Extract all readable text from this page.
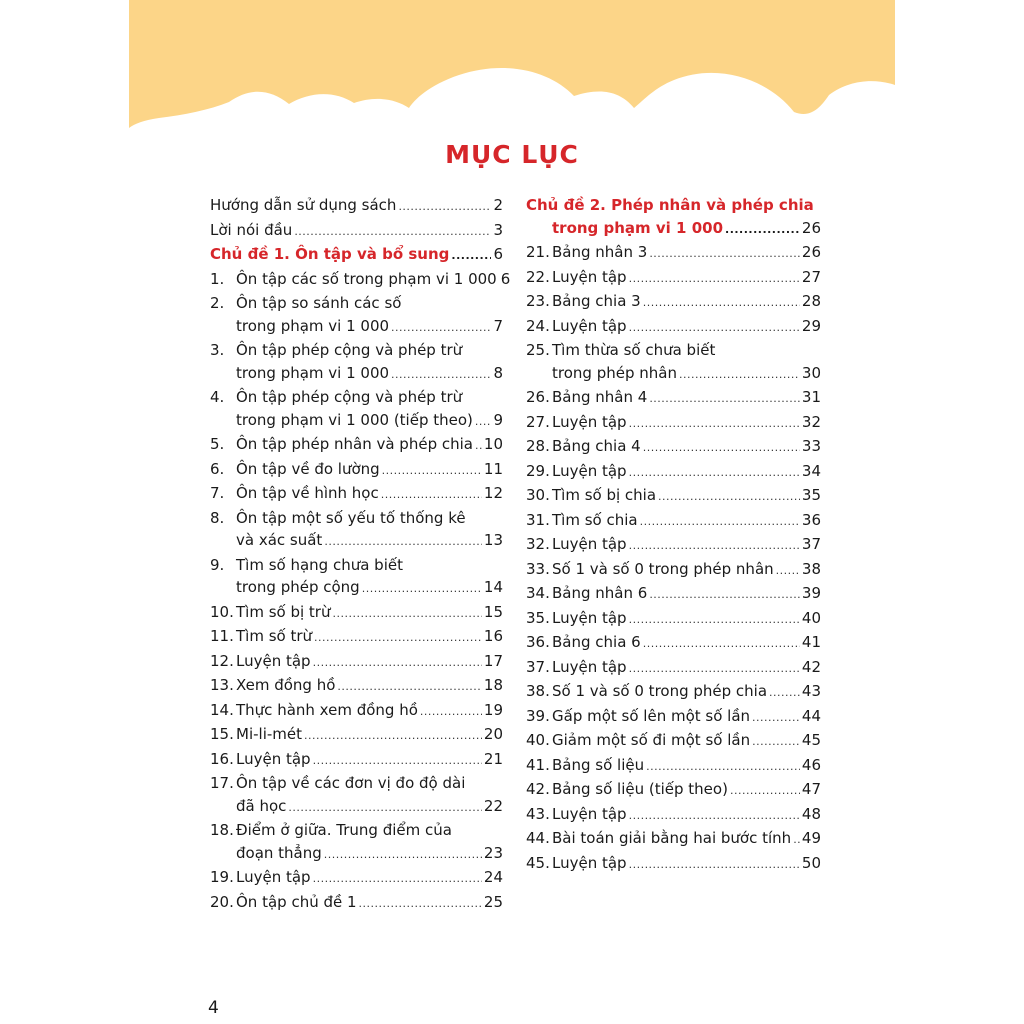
MỤC LỤC
Hướng dẫn sử dụng sách .....	2
Lời nói đầu .....	3
Chủ đề 1. Ôn tập và bổ sung .....	6
1. Ôn tập các số trong phạm vi 1 000 6
2. Ôn tập so sánh các số
trong phạm vi 1 000 .....	7
3. Ôn tập phép cộng và phép trừ
trong phạm vi 1 000 .....	8
4. Ôn tập phép cộng và phép trừ
trong phạm vi 1 000 (tiếp theo) ..... 9
5. Ôn tập phép nhân và phép chia ..... 10
6. Ôn tập về đo lường .....	11
7. Ôn tập về hình học .....	12
8. Ôn tập một số yếu tố thống kê
và xác suất .....	13
9. Tìm số hạng chưa biết
trong phép cộng .....	14
10. Tìm số bị trừ .....	15
11. Tìm số trừ .....	16
12. Luyện tập .....	17
13. Xem đồng hồ .....	18
14. Thực hành xem đồng hồ .....	19
15. Mi-li-mét .....	20
16. Luyện tập .....	21
17. Ôn tập về các đơn vị đo độ dài
đã học .....	22
18. Điểm ở giữa. Trung điểm của
đoạn thẳng .....	23
19. Luyện tập .....	24
20. Ôn tập chủ đề 1 .....	25
Chủ đề 2. Phép nhân và phép chia
trong phạm vi 1 000 .....	26
21. Bảng nhân 3 .....	26
22. Luyện tập .....	27
23. Bảng chia 3 .....	28
24. Luyện tập .....	29
25. Tìm thừa số chưa biết
trong phép nhân .....	30
26. Bảng nhân 4 .....	31
27. Luyện tập .....	32
28. Bảng chia 4 .....	33
29. Luyện tập .....	34
30. Tìm số bị chia .....	35
31. Tìm số chia .....	36
32. Luyện tập .....	37
33. Số 1 và số 0 trong phép nhân ..... 38
34. Bảng nhân 6 .....	39
35. Luyện tập .....	40
36. Bảng chia 6 .....	41
37. Luyện tập .....	42
38. Số 1 và số 0 trong phép chia ..... 43
39. Gấp một số lên một số lần .....	44
40. Giảm một số đi một số lần .....	45
41. Bảng số liệu .....	46
42. Bảng số liệu (tiếp theo) .....	47
43. Luyện tập .....	48
44. Bài toán giải bằng hai bước tính ..... 49
45. Luyện tập .....	50
4
